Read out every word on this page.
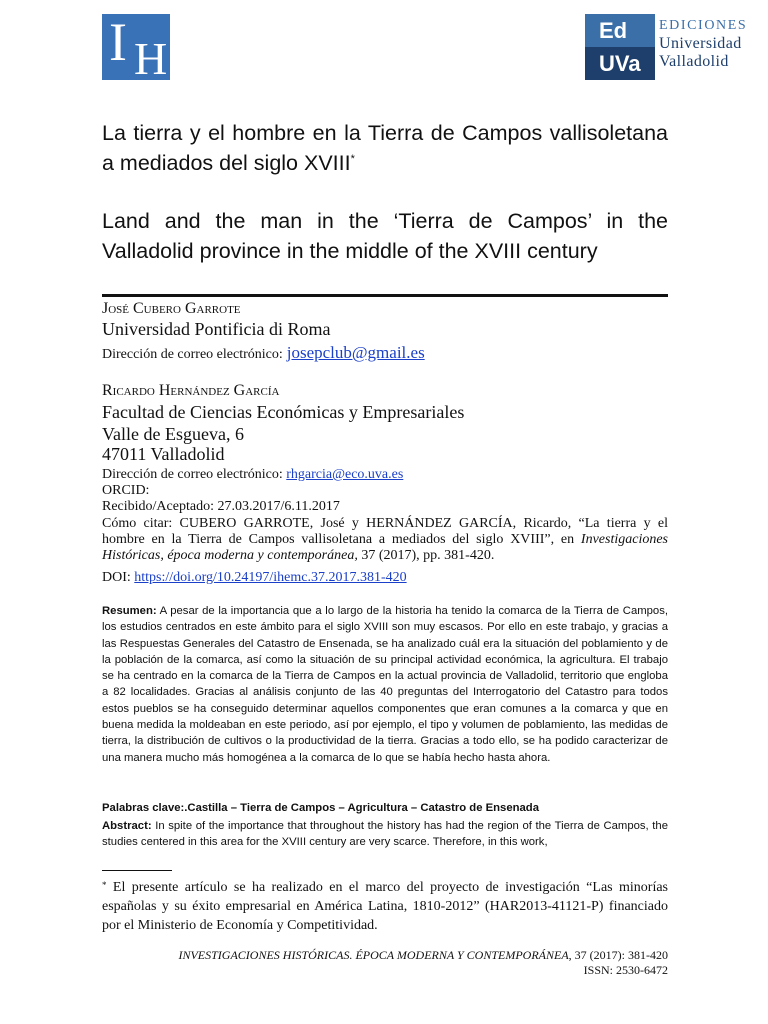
I H
Ed
UVa
EDICIONES
Universidad
Valladolid
La tierra y el hombre en la Tierra de Campos vallisoletana a mediados del siglo XVIII*
Land and the man in the ‘Tierra de Campos’ in the Valladolid province in the middle of the XVIII century
José Cubero Garrote
Universidad Pontificia di Roma
Dirección de correo electrónico: josepclub@gmail.es
Ricardo Hernández García
Facultad de Ciencias Económicas y Empresariales
Valle de Esgueva, 6
47011 Valladolid
Dirección de correo electrónico: rhgarcia@eco.uva.es
ORCID:
Recibido/Aceptado: 27.03.2017/6.11.2017
Cómo citar: CUBERO GARROTE, José y HERNÁNDEZ GARCÍA, Ricardo, “La tierra y el hombre en la Tierra de Campos vallisoletana a mediados del siglo XVIII”, en Investigaciones Históricas, época moderna y contemporánea, 37 (2017), pp. 381-420.
DOI: https://doi.org/10.24197/ihemc.37.2017.381-420
Resumen: A pesar de la importancia que a lo largo de la historia ha tenido la comarca de la Tierra de Campos, los estudios centrados en este ámbito para el siglo XVIII son muy escasos. Por ello en este trabajo, y gracias a las Respuestas Generales del Catastro de Ensenada, se ha analizado cuál era la situación del poblamiento y de la población de la comarca, así como la situación de su principal actividad económica, la agricultura. El trabajo se ha centrado en la comarca de la Tierra de Campos en la actual provincia de Valladolid, territorio que engloba a 82 localidades. Gracias al análisis conjunto de las 40 preguntas del Interrogatorio del Catastro para todos estos pueblos se ha conseguido determinar aquellos componentes que eran comunes a la comarca y que en buena medida la moldeaban en este periodo, así por ejemplo, el tipo y volumen de poblamiento, las medidas de tierra, la distribución de cultivos o la productividad de la tierra. Gracias a todo ello, se ha podido caracterizar de una manera mucho más homogénea a la comarca de lo que se había hecho hasta ahora.
Palabras clave:.Castilla – Tierra de Campos – Agricultura – Catastro de Ensenada
Abstract: In spite of the importance that throughout the history has had the region of the Tierra de Campos, the studies centered in this area for the XVIII century are very scarce. Therefore, in this work,
* El presente artículo se ha realizado en el marco del proyecto de investigación “Las minorías españolas y su éxito empresarial en América Latina, 1810-2012” (HAR2013-41121-P) financiado por el Ministerio de Economía y Competitividad.
INVESTIGACIONES HISTÓRICAS. ÉPOCA MODERNA Y CONTEMPORÁNEA, 37 (2017): 381-420
ISSN: 2530-6472
